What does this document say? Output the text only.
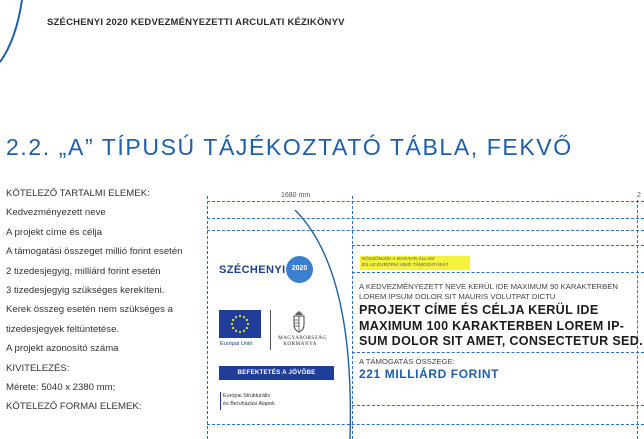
SZÉCHENYI 2020 KEDVEZMÉNYEZETTI ARCULATI KÉZIKÖNYV
2.2. „A” TÍPUSÚ TÁJÉKOZTATÓ TÁBLA, FEKVŐ
KÖTELEZŐ TARTALMI ELEMEK:
Kedvezményezett neve
A projekt címe és célja
A támogatási összeget millió forint esetén
2 tizedesjegyig, milliárd forint esetén
3 tizedesjegyig szükséges kerekíteni.
Kerek összeg esetén nem szükséges a
tizedesjegyek feltüntetése.
A projekt azonosító száma
KIVITELEZÉS:
Mérete: 5040 x 2380 mm;
KÖTELEZŐ FORMAI ELEMEK:
1680 mm	2
SZÉCHENYI 2020
Európai Unió
MAGYARORSZÁG
KORMÁNYA
BEFEKTETÉS A JÖVŐBE
Európai Strukturális
és Beruházási Alapok
KÖSZÖNJÜK A MAGYAR ÁLLAM
ÉS AZ EURÓPAI UNIÓ TÁMOGATÁSÁT
A KEDVEZMÉNYEZETT NEVE KERÜL IDE MAXIMUM 90 KARAKTERBEN
LOREM IPSUM DOLOR SIT MAURIS VOLUTPAT DICTU
PROJEKT CÍME ÉS CÉLJA KERÜL IDE
MAXIMUM 100 KARAKTERBEN LOREM IP-
SUM DOLOR SIT AMET, CONSECTETUR SED.
A TÁMOGATÁS ÖSSZEGE:
221 MILLIÁRD FORINT
